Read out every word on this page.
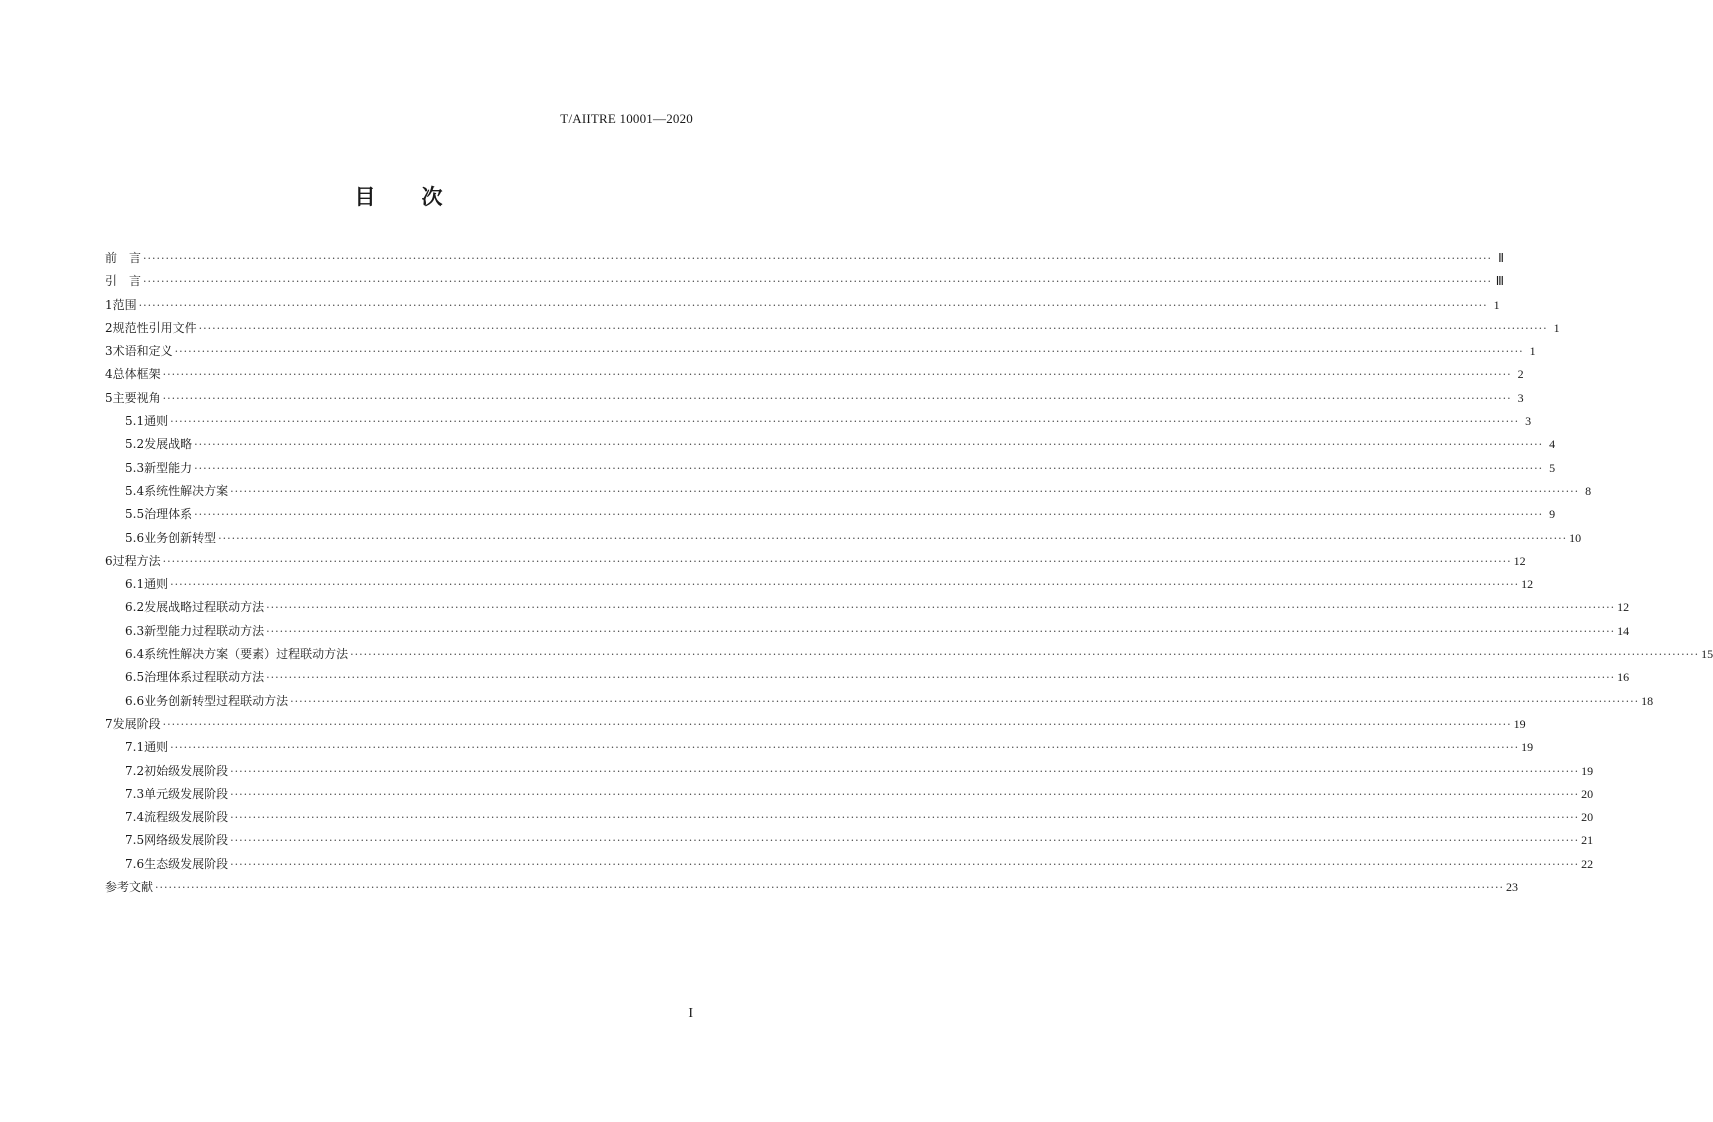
T/AIITRE 10001—2020
目 次
前　言 ············································································································································································································································································································ Ⅱ
引　言 ············································································································································································································································································································ Ⅲ
1 范围 ············································································································································································································································································································ 1
2 规范性引用文件 ············································································································································································································································································································ 1
3 术语和定义 ············································································································································································································································································································ 1
4 总体框架 ············································································································································································································································································································ 2
5 主要视角 ············································································································································································································································································································ 3
5.1 通则 ············································································································································································································································································································ 3
5.2 发展战略 ············································································································································································································································································································ 4
5.3 新型能力 ············································································································································································································································································································ 5
5.4 系统性解决方案 ············································································································································································································································································································ 8
5.5 治理体系 ············································································································································································································································································································ 9
5.6 业务创新转型 ············································································································································································································································································································ 10
6 过程方法 ············································································································································································································································································································ 12
6.1 通则 ············································································································································································································································································································ 12
6.2 发展战略过程联动方法 ············································································································································································································································································································ 12
6.3 新型能力过程联动方法 ············································································································································································································································································································ 14
6.4 系统性解决方案（要素）过程联动方法 ············································································································································································································································································································ 15
6.5 治理体系过程联动方法 ············································································································································································································································································································ 16
6.6 业务创新转型过程联动方法 ············································································································································································································································································································ 18
7 发展阶段 ············································································································································································································································································································ 19
7.1 通则 ············································································································································································································································································································ 19
7.2 初始级发展阶段 ············································································································································································································································································································ 19
7.3 单元级发展阶段 ············································································································································································································································································································ 20
7.4 流程级发展阶段 ············································································································································································································································································································ 20
7.5 网络级发展阶段 ············································································································································································································································································································ 21
7.6 生态级发展阶段 ············································································································································································································································································································ 22
参考文献 ············································································································································································································································································································ 23
I
